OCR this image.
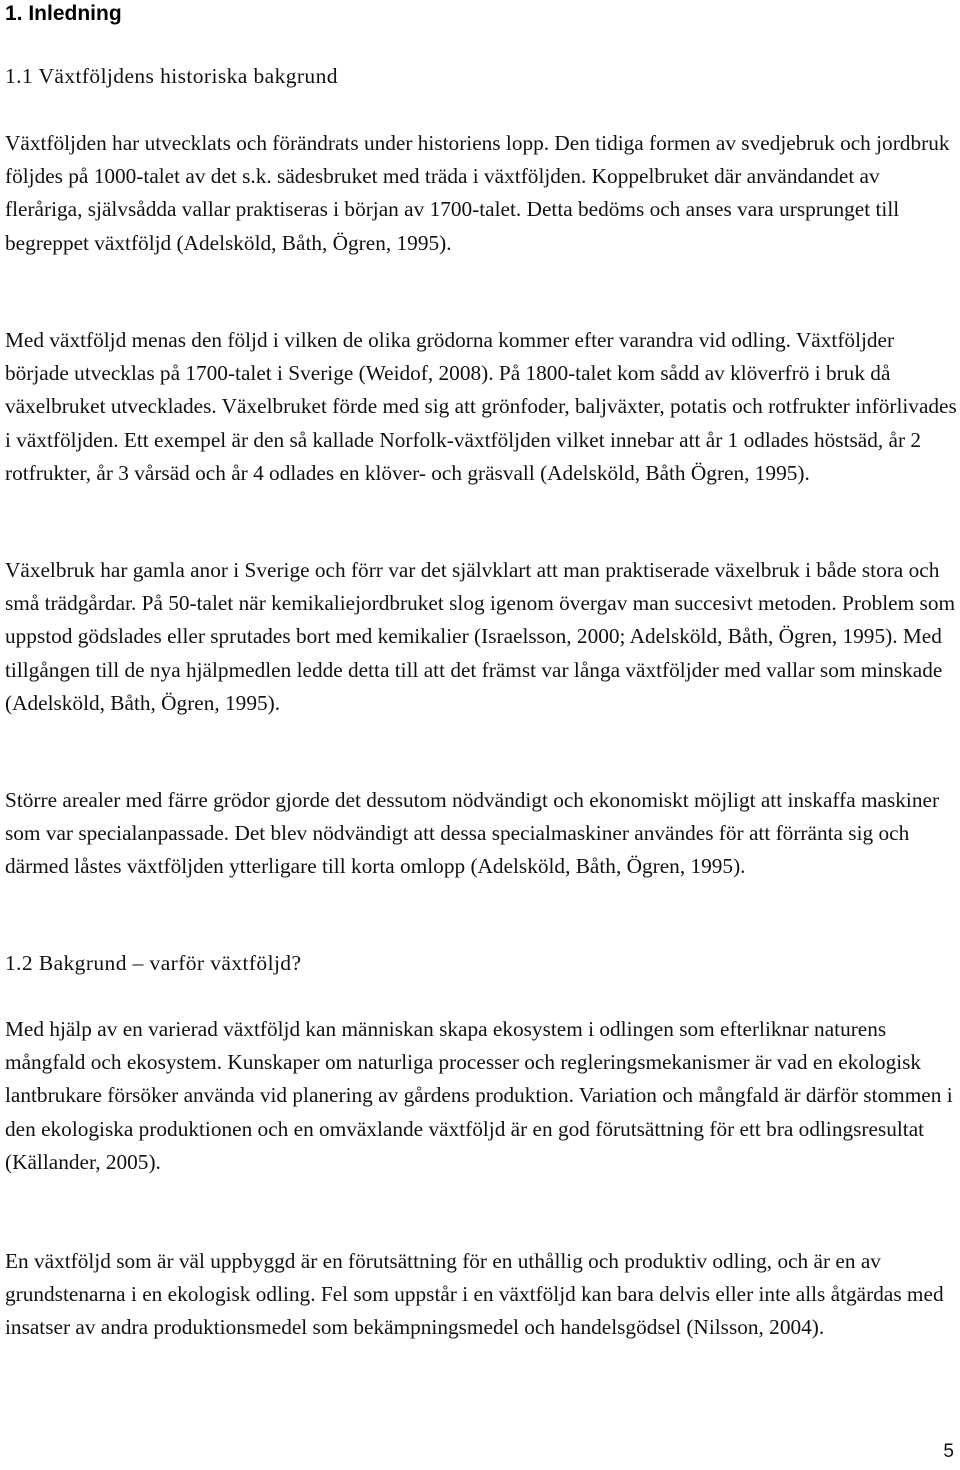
1. Inledning
1.1 Växtföljdens historiska bakgrund

Växtföljden har utvecklats och förändrats under historiens lopp. Den tidiga formen av svedjebruk och jordbruk följdes på 1000-talet av det s.k. sädesbruket med träda i växtföljden. Koppelbruket där användandet av fleråriga, självsådda vallar praktiseras i början av 1700-talet. Detta bedöms och anses vara ursprunget till begreppet växtföljd (Adelsköld, Båth, Ögren, 1995).

Med växtföljd menas den följd i vilken de olika grödorna kommer efter varandra vid odling. Växtföljder började utvecklas på 1700-talet i Sverige (Weidof, 2008). På 1800-talet kom sådd av klöverfrö i bruk då växelbruket utvecklades. Växelbruket förde med sig att grönfoder, baljväxter, potatis och rotfrukter införlivades i växtföljden. Ett exempel är den så kallade Norfolk-växtföljden vilket innebar att år 1 odlades höstsäd, år 2 rotfrukter, år 3 vårsäd och år 4 odlades en klöver- och gräsvall (Adelsköld, Båth Ögren, 1995).

Växelbruk har gamla anor i Sverige och förr var det självklart att man praktiserade växelbruk i både stora och små trädgårdar. På 50-talet när kemikaliejordbruket slog igenom övergav man succesivt metoden. Problem som uppstod gödslades eller sprutades bort med kemikalier (Israelsson, 2000; Adelsköld, Båth, Ögren, 1995). Med tillgången till de nya hjälpmedlen ledde detta till att det främst var långa växtföljder med vallar som minskade (Adelsköld, Båth, Ögren, 1995).

Större arealer med färre grödor gjorde det dessutom nödvändigt och ekonomiskt möjligt att inskaffa maskiner som var specialanpassade. Det blev nödvändigt att dessa specialmaskiner användes för att förränta sig och därmed låstes växtföljden ytterligare till korta omlopp (Adelsköld, Båth, Ögren, 1995).

1.2 Bakgrund – varför växtföljd?

Med hjälp av en varierad växtföljd kan människan skapa ekosystem i odlingen som efterliknar naturens mångfald och ekosystem. Kunskaper om naturliga processer och regleringsmekanismer är vad en ekologisk lantbrukare försöker använda vid planering av gårdens produktion. Variation och mångfald är därför stommen i den ekologiska produktionen och en omväxlande växtföljd är en god förutsättning för ett bra odlingsresultat (Källander, 2005).

En växtföljd som är väl uppbyggd är en förutsättning för en uthållig och produktiv odling, och är en av grundstenarna i en ekologisk odling. Fel som uppstår i en växtföljd kan bara delvis eller inte alls åtgärdas med insatser av andra produktionsmedel som bekämpningsmedel och handelsgödsel (Nilsson, 2004).

5
